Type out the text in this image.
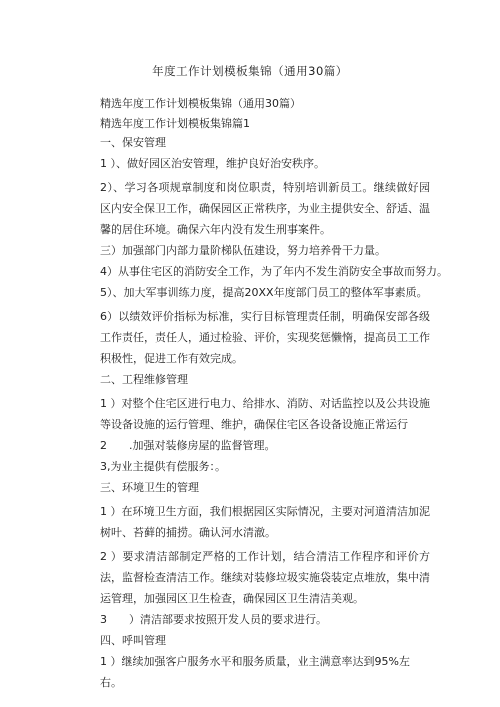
年度工作计划模板集锦（通用30篇）

精选年度工作计划模板集锦（通用30篇）

精选年度工作计划模板集锦篇1

一、保安管理

1 ）、做好园区治安管理，维护良好治安秩序。

2）、学习各项规章制度和岗位职责，特别培训新员工。继续做好园区内安全保卫工作，确保园区正常秩序，为业主提供安全、舒适、温馨的居住环境。确保六年内没有发生刑事案件。

三）加强部门内部力量阶梯队伍建设，努力培养骨干力量。

4）从事住宅区的消防安全工作，为了年内不发生消防安全事故而努力。

5）、加大军事训练力度，提高20XX年度部门员工的整体军事素质。

6）以绩效评价指标为标准，实行目标管理责任制，明确保安部各级工作责任，责任人，通过检验、评价，实现奖惩懒惰，提高员工工作积极性，促进工作有效完成。

二、工程维修管理

1 ）对整个住宅区进行电力、给排水、消防、对话监控以及公共设施等设备设施的运行管理、维护，确保住宅区各设备设施正常运行

2 .加强对装修房屋的监督管理。

3,为业主提供有偿服务：。

三、环境卫生的管理

1 ）在环境卫生方面，我们根据园区实际情况，主要对河道清洁加泥树叶、苔藓的捕捞。确认河水清澈。

2 ）要求清洁部制定严格的工作计划，结合清洁工作程序和评价方法，监督检查清洁工作。继续对装修垃圾实施袋装定点堆放，集中清运管理，加强园区卫生检查，确保园区卫生清洁美观。

3 ）清洁部要求按照开发人员的要求进行。

四、呼叫管理

1 ）继续加强客户服务水平和服务质量，业主满意率达到95%左

右。
